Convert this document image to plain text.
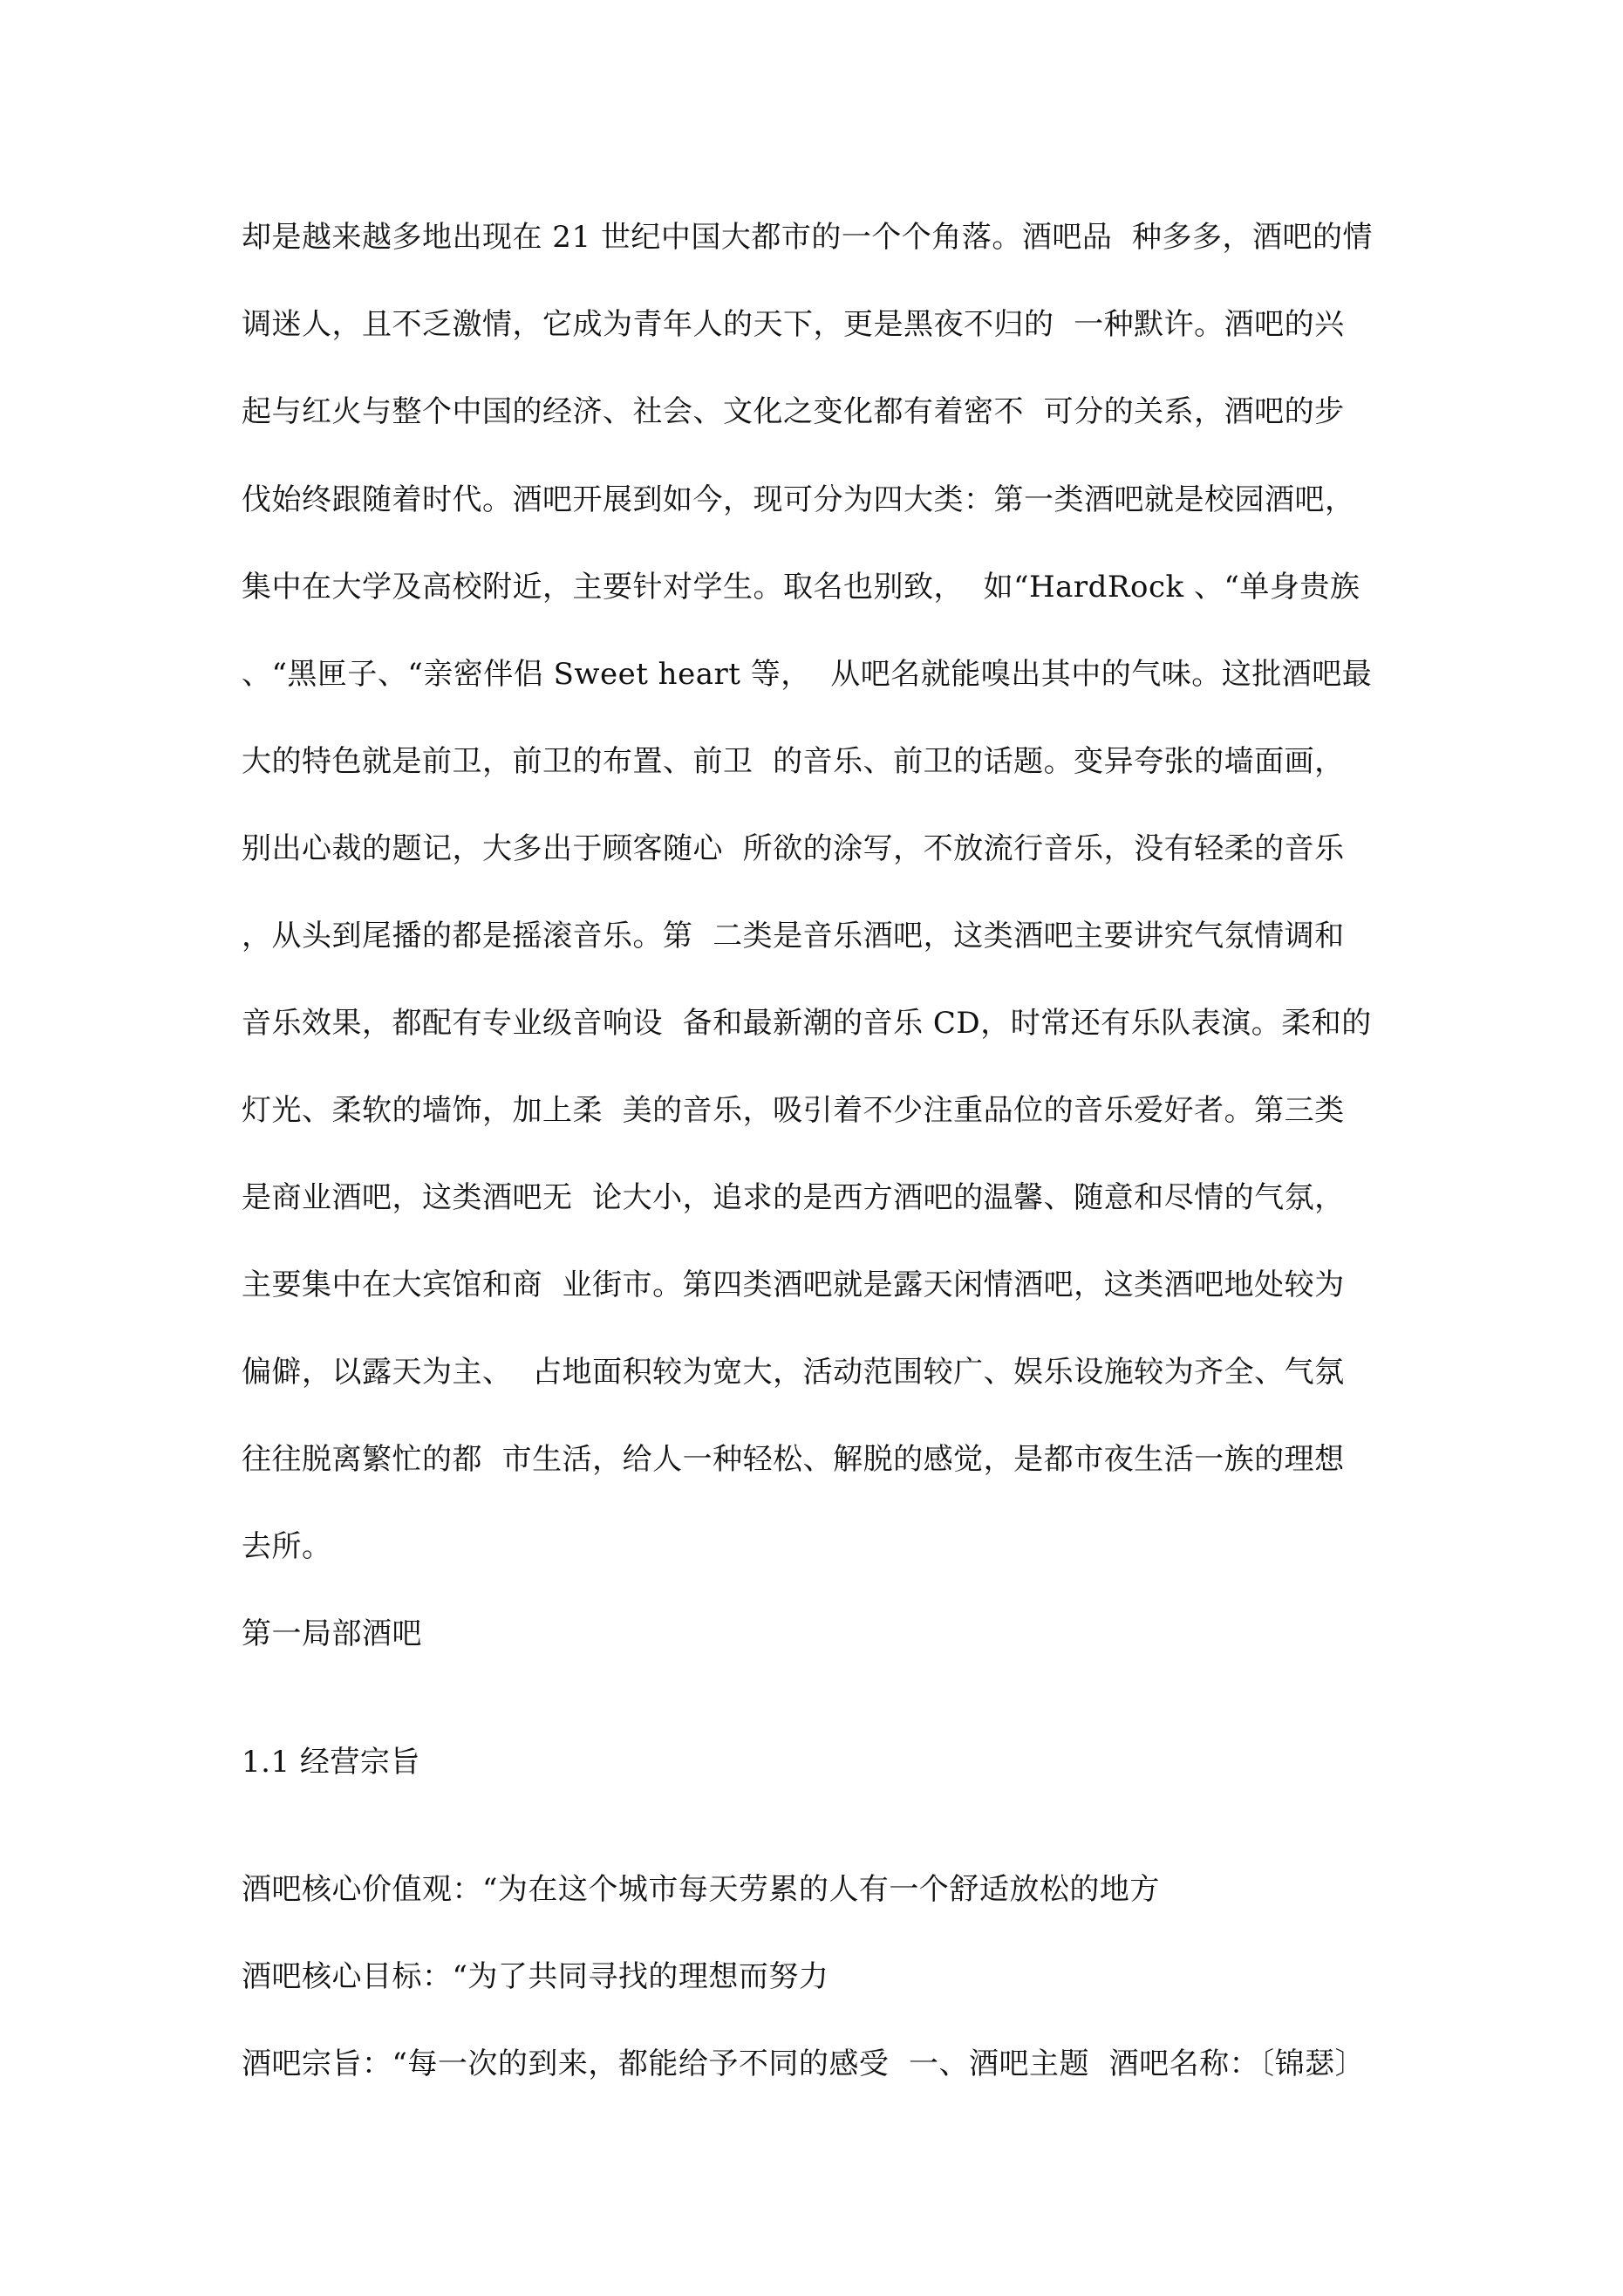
却是越来越多地出现在 21 世纪中国大都市的一个个角落。酒吧品  种多多，酒吧的情
调迷人，且不乏激情，它成为青年人的天下，更是黑夜不归的  一种默许。酒吧的兴
起与红火与整个中国的经济、社会、文化之变化都有着密不  可分的关系，酒吧的步
伐始终跟随着时代。酒吧开展到如今，现可分为四大类：第一类酒吧就是校园酒吧，
集中在大学及高校附近，主要针对学生。取名也别致，  如“HardRock 、“单身贵族
、“黑匣子、“亲密伴侣 Sweet heart 等，  从吧名就能嗅出其中的气味。这批酒吧最
大的特色就是前卫，前卫的布置、前卫  的音乐、前卫的话题。变异夸张的墙面画，
别出心裁的题记，大多出于顾客随心  所欲的涂写，不放流行音乐，没有轻柔的音乐
，从头到尾播的都是摇滚音乐。第  二类是音乐酒吧，这类酒吧主要讲究气氛情调和
音乐效果，都配有专业级音响设  备和最新潮的音乐 CD，时常还有乐队表演。柔和的
灯光、柔软的墙饰，加上柔  美的音乐，吸引着不少注重品位的音乐爱好者。第三类
是商业酒吧，这类酒吧无  论大小，追求的是西方酒吧的温馨、随意和尽情的气氛，
主要集中在大宾馆和商  业街市。第四类酒吧就是露天闲情酒吧，这类酒吧地处较为
偏僻，以露天为主、  占地面积较为宽大，活动范围较广、娱乐设施较为齐全、气氛
往往脱离繁忙的都  市生活，给人一种轻松、解脱的感觉，是都市夜生活一族的理想
去所。
第一局部酒吧
1.1 经营宗旨
酒吧核心价值观：“为在这个城市每天劳累的人有一个舒适放松的地方
酒吧核心目标：“为了共同寻找的理想而努力
酒吧宗旨：“每一次的到来，都能给予不同的感受  一、酒吧主题  酒吧名称：〔锦瑟〕
